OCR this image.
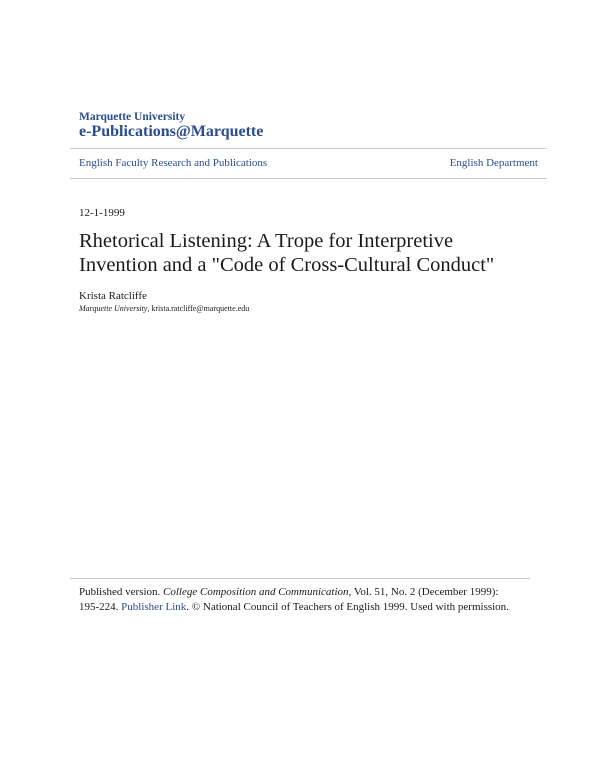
Marquette University
e-Publications@Marquette
English Faculty Research and Publications	English Department
12-1-1999
Rhetorical Listening: A Trope for Interpretive
Invention and a "Code of Cross-Cultural Conduct"
Krista Ratcliffe
Marquette University, krista.ratcliffe@marquette.edu
Published version. College Composition and Communication, Vol. 51, No. 2 (December 1999): 195-224. Publisher Link. © National Council of Teachers of English 1999. Used with permission.
